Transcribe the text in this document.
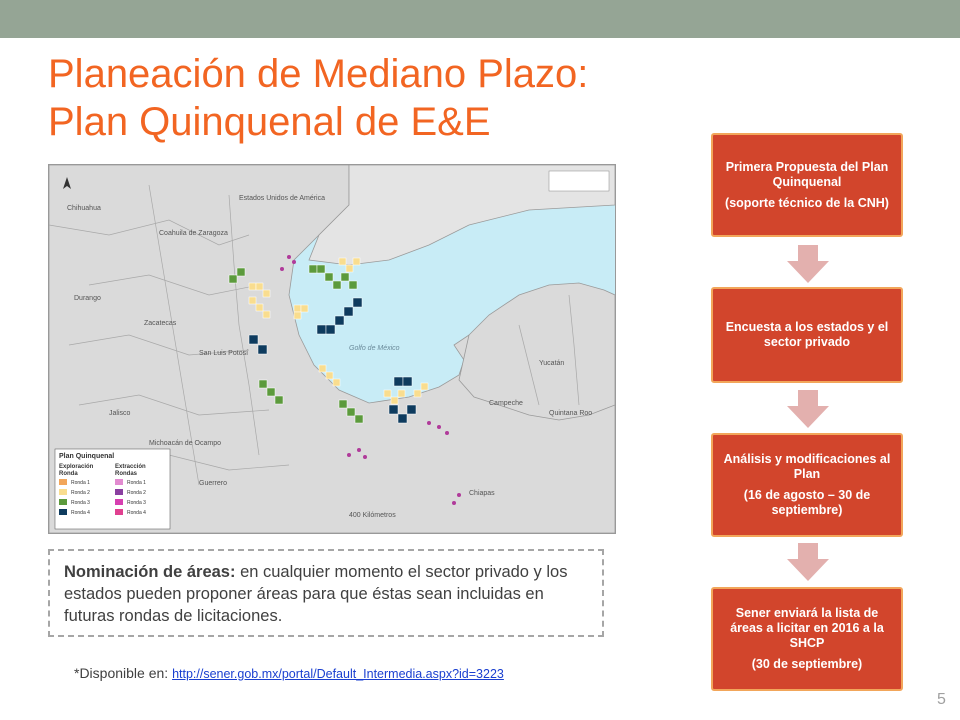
Planeación de Mediano Plazo:
Plan Quinquenal de E&E
Estados Unidos de América
Golfo de México
Chihuahua
Coahuila de Zaragoza
Durango
Zacatecas
San Luis Potosí
Jalisco
Michoacán de Ocampo
Guerrero
Yucatán
Quintana Roo
Campeche
Chiapas
400 Kilómetros
Plan Quinquenal
Exploración
Ronda
Extracción
Rondas
Ronda 1
Ronda 2
Ronda 3
Ronda 4
Ronda 1
Ronda 2
Ronda 3
Ronda 4
Nominación de áreas: en cualquier momento el sector privado y los estados pueden proponer áreas para que éstas sean incluidas en futuras rondas de licitaciones.
*Disponible en: http://sener.gob.mx/portal/Default_Intermedia.aspx?id=3223
Primera Propuesta del Plan Quinquenal
(soporte técnico de la CNH)
Encuesta a los estados y el sector privado
Análisis y modificaciones al Plan
(16 de agosto – 30 de septiembre)
Sener enviará la lista de áreas a licitar en 2016 a la SHCP
(30 de septiembre)
5
